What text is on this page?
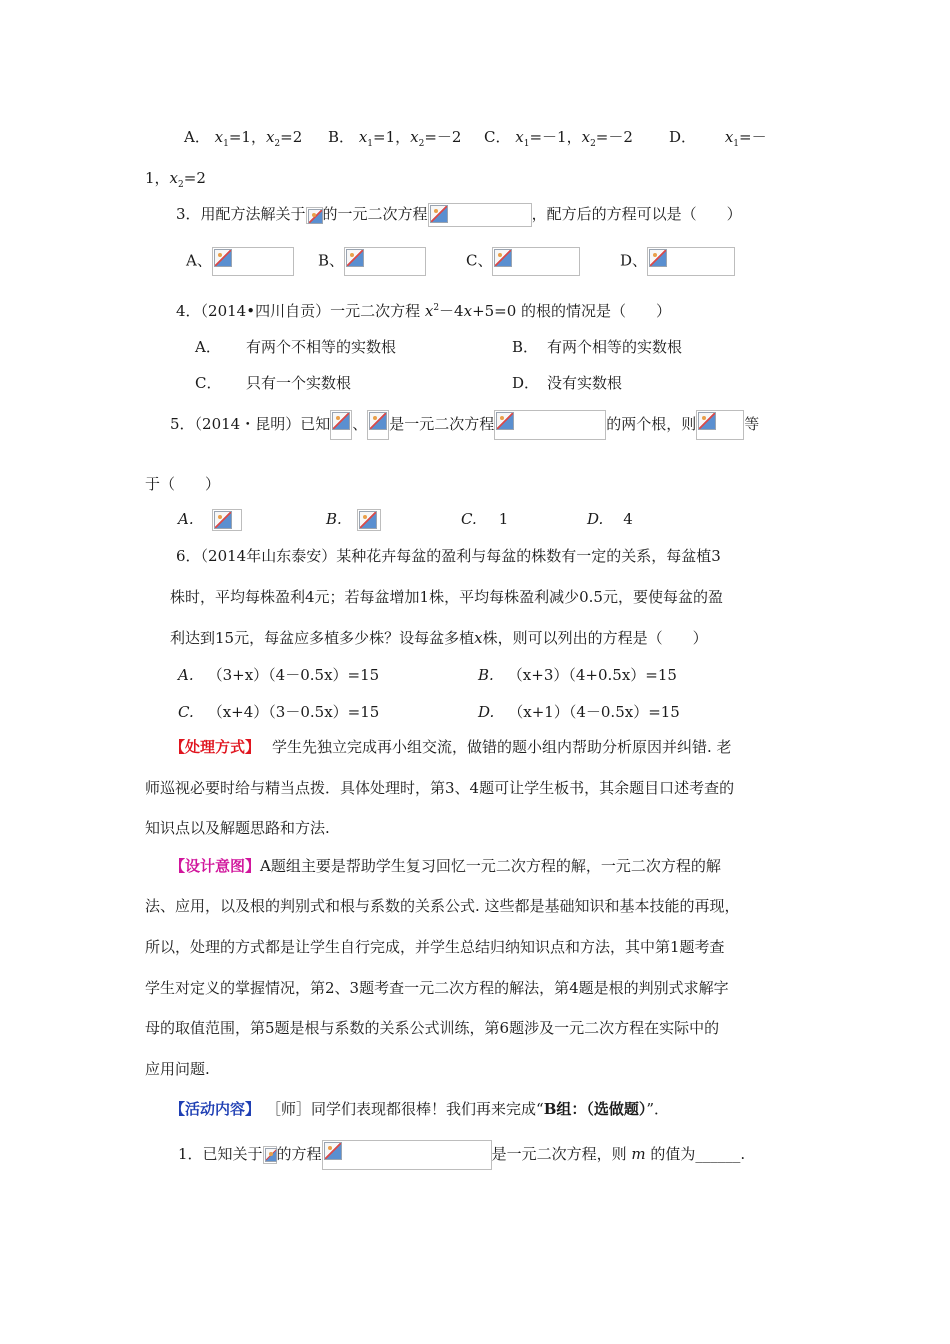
A． $x_1=1$，$x_2=2$ B． $x_1=1$，$x_2=-2$ C． $x_1=-1$，$x_2=-2$ D． $x_1=-$
1，$x_2=2$
3．用配方法解关于 的一元二次方程	，配方后的方程可以是（　　）
A、	B、	C、	D、
4．（2014•四川自贡）一元二次方程 $x^2-4x+5=0$ 的根的情况是（　　）
A． 有两个不相等的实数根	B． 有两个相等的实数根
C． 只有一个实数根	D． 没有实数根
5．（2014・昆明）已知 、 是一元二次方程	的两个根，则	等
于（　　）
A.	B.	C. 1	D. 4
6．（2014年山东泰安）某种花卉每盆的盈利与每盆的株数有一定的关系，每盆植3
株时，平均每株盈利4元；若每盆增加1株，平均每株盈利减少0.5元，要使每盆的盈
利达到15元，每盆应多植多少株？设每盆多植x株，则可以列出的方程是（　　）
A. （3+x）（4－0.5x）=15	B. （x+3）（4+0.5x）=15
C. （x+4）（3－0.5x）=15	D. （x+1）（4－0.5x）=15
【处理方式】 学生先独立完成再小组交流，做错的题小组内帮助分析原因并纠错. 老
师巡视必要时给与精当点拨．具体处理时，第3、4题可让学生板书，其余题目口述考查的
知识点以及解题思路和方法.
【设计意图】A题组主要是帮助学生复习回忆一元二次方程的解，一元二次方程的解
法、应用，以及根的判别式和根与系数的关系公式. 这些都是基础知识和基本技能的再现，
所以，处理的方式都是让学生自行完成，并学生总结归纳知识点和方法，其中第1题考查
学生对定义的掌握情况，第2、3题考查一元二次方程的解法，第4题是根的判别式求解字
母的取值范围，第5题是根与系数的关系公式训练，第6题涉及一元二次方程在实际中的
应用问题.
【活动内容】 ［师］同学们表现都很棒！我们再来完成“B组：（选做题）”．
1．已知关于 的方程	是一元二次方程，则 m 的值为______.
